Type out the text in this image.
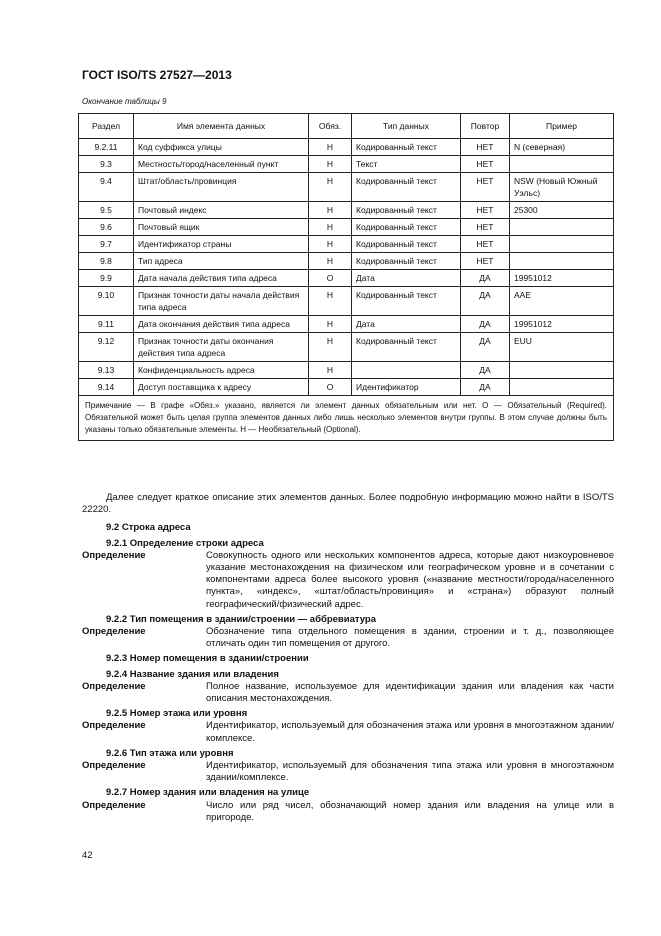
ГОСТ ISO/TS 27527—2013
Окончание таблицы 9
Раздел	Имя элемента данных	Обяз.	Тип данных	Повтор	Пример
9.2.11	Код суффикса улицы	Н	Кодированный текст	НЕТ	N (северная)
9.3	Местность/город/населенный пункт	Н	Текст	НЕТ	
9.4	Штат/область/провинция	Н	Кодированный текст	НЕТ	NSW (Новый Южный Уэльс)
9.5	Почтовый индекс	Н	Кодированный текст	НЕТ	25300
9.6	Почтовый ящик	Н	Кодированный текст	НЕТ	
9.7	Идентификатор страны	Н	Кодированный текст	НЕТ	
9.8	Тип адреса	Н	Кодированный текст	НЕТ	
9.9	Дата начала действия типа адреса	О	Дата	ДА	19951012
9.10	Признак точности даты начала действия типа адреса	Н	Кодированный текст	ДА	AAE
9.11	Дата окончания действия типа адреса	Н	Дата	ДА	19951012
9.12	Признак точности даты окончания действия типа адреса	Н	Кодированный текст	ДА	EUU
9.13	Конфиденциальность адреса	Н		ДА	
9.14	Доступ поставщика к адресу	О	Идентификатор	ДА	
Примечание — В графе «Обяз.» указано, является ли элемент данных обязательным или нет. О — Обязательный (Required). Обязательной может быть целая группа элементов данных либо лишь несколько элементов внутри группы. В этом случае должны быть указаны только обязательные элементы. Н — Необязательный (Optional).					
Далее следует краткое описание этих элементов данных. Более подробную информацию можно найти в ISO/TS 22220.
9.2 Строка адреса
9.2.1 Определение строки адреса
Определение	Совокупность одного или нескольких компонентов адреса, которые дают низкоуровневое указание местонахождения на физическом или географическом уровне и в сочетании с компонентами адреса более высокого уровня («название местности/города/населенного пункта», «индекс», «штат/область/провинция» и «страна») образуют полный географический/физический адрес.
9.2.2 Тип помещения в здании/строении — аббревиатура
Определение	Обозначение типа отдельного помещения в здании, строении и т. д., позволяющее отличать один тип помещения от другого.
9.2.3 Номер помещения в здании/строении
9.2.4 Название здания или владения
Определение	Полное название, используемое для идентификации здания или владения как части описания местонахождения.
9.2.5 Номер этажа или уровня
Определение	Идентификатор, используемый для обозначения этажа или уровня в многоэтажном здании/комплексе.
9.2.6 Тип этажа или уровня
Определение	Идентификатор, используемый для обозначения типа этажа или уровня в многоэтажном здании/комплексе.
9.2.7 Номер здания или владения на улице
Определение	Число или ряд чисел, обозначающий номер здания или владения на улице или в пригороде.
42
